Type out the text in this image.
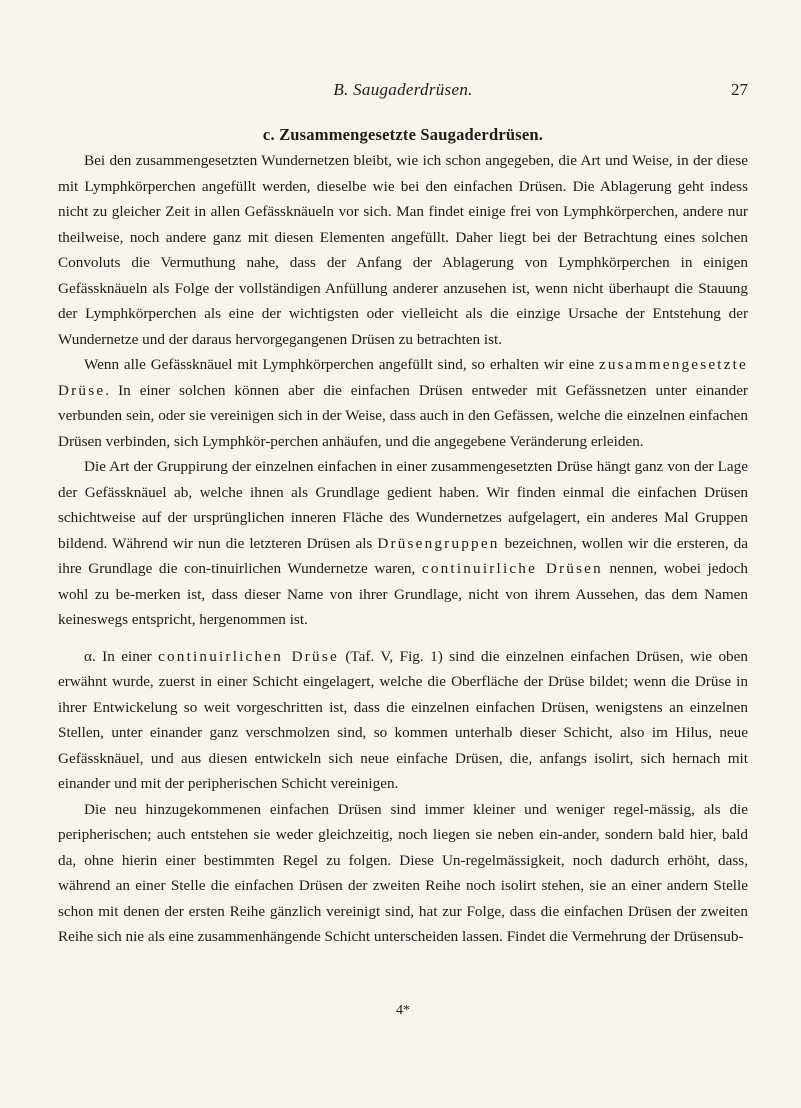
B. Saugaderdrüsen.	27
c. Zusammengesetzte Saugaderdrüsen.

Bei den zusammengesetzten Wundernetzen bleibt, wie ich schon angegeben, die Art und Weise, in der diese mit Lymphkörperchen angefüllt werden, dieselbe wie bei den einfachen Drüsen. Die Ablagerung geht indess nicht zu gleicher Zeit in allen Gefässknäueln vor sich. Man findet einige frei von Lymphkörperchen, andere nur theilweise, noch andere ganz mit diesen Elementen angefüllt. Daher liegt bei der Betrachtung eines solchen Convoluts die Vermuthung nahe, dass der Anfang der Ablagerung von Lymphkörperchen in einigen Gefässknäueln als Folge der vollständigen Anfüllung anderer anzusehen ist, wenn nicht überhaupt die Stauung der Lymphkörperchen als eine der wichtigsten oder vielleicht als die einzige Ursache der Entstehung der Wundernetze und der daraus hervorgegangenen Drüsen zu betrachten ist.

Wenn alle Gefässknäuel mit Lymphkörperchen angefüllt sind, so erhalten wir eine zusammengesetzte Drüse. In einer solchen können aber die einfachen Drüsen entweder mit Gefässnetzen unter einander verbunden sein, oder sie vereinigen sich in der Weise, dass auch in den Gefässen, welche die einzelnen einfachen Drüsen verbinden, sich Lymphkör-perchen anhäufen, und die angegebene Veränderung erleiden.

Die Art der Gruppirung der einzelnen einfachen in einer zusammengesetzten Drüse hängt ganz von der Lage der Gefässknäuel ab, welche ihnen als Grundlage gedient haben. Wir finden einmal die einfachen Drüsen schichtweise auf der ursprünglichen inneren Fläche des Wundernetzes aufgelagert, ein anderes Mal Gruppen bildend. Während wir nun die letzteren Drüsen als Drüsengruppen bezeichnen, wollen wir die ersteren, da ihre Grundlage die con-tinuirlichen Wundernetze waren, continuirliche Drüsen nennen, wobei jedoch wohl zu be-merken ist, dass dieser Name von ihrer Grundlage, nicht von ihrem Aussehen, das dem Namen keineswegs entspricht, hergenommen ist.

α. In einer continuirlichen Drüse (Taf. V, Fig. 1) sind die einzelnen einfachen Drüsen, wie oben erwähnt wurde, zuerst in einer Schicht eingelagert, welche die Oberfläche der Drüse bildet; wenn die Drüse in ihrer Entwickelung so weit vorgeschritten ist, dass die einzelnen einfachen Drüsen, wenigstens an einzelnen Stellen, unter einander ganz verschmolzen sind, so kommen unterhalb dieser Schicht, also im Hilus, neue Gefässknäuel, und aus diesen entwickeln sich neue einfache Drüsen, die, anfangs isolirt, sich hernach mit einander und mit der peripherischen Schicht vereinigen.

Die neu hinzugekommenen einfachen Drüsen sind immer kleiner und weniger regel-mässig, als die peripherischen; auch entstehen sie weder gleichzeitig, noch liegen sie neben ein-ander, sondern bald hier, bald da, ohne hierin einer bestimmten Regel zu folgen. Diese Un-regelmässigkeit, noch dadurch erhöht, dass, während an einer Stelle die einfachen Drüsen der zweiten Reihe noch isolirt stehen, sie an einer andern Stelle schon mit denen der ersten Reihe gänzlich vereinigt sind, hat zur Folge, dass die einfachen Drüsen der zweiten Reihe sich nie als eine zusammenhängende Schicht unterscheiden lassen. Findet die Vermehrung der Drüsensub-

4*
